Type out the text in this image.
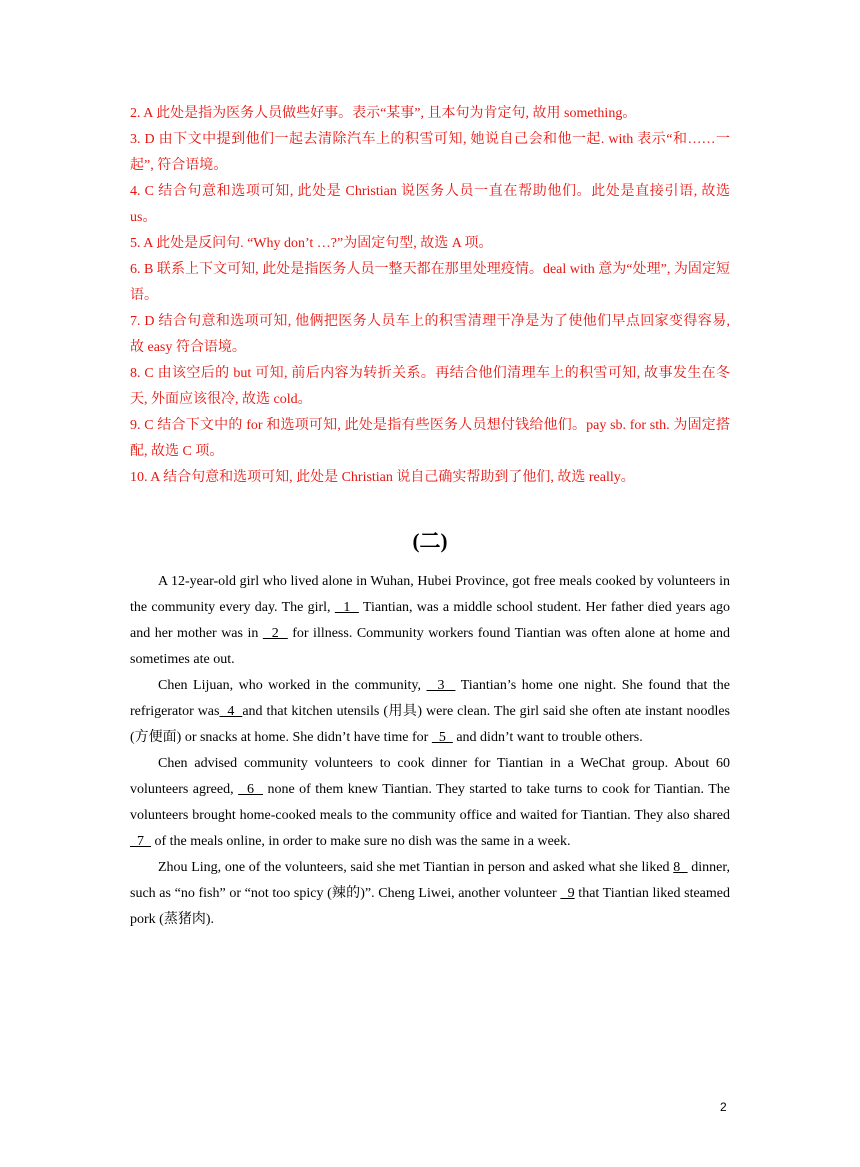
2. A 此处是指为医务人员做些好事。表示“某事”, 且本句为肯定句, 故用 something。

3. D 由下文中提到他们一起去清除汽车上的积雪可知, 她说自己会和他一起. with 表示“和……一起”, 符合语境。

4. C 结合句意和选项可知, 此处是 Christian 说医务人员一直在帮助他们。此处是直接引语, 故选 us。

5. A 此处是反问句. “Why don’t …?”为固定句型, 故选 A 项。

6. B 联系上下文可知, 此处是指医务人员一整天都在那里处理疫情。deal with 意为“处理”, 为固定短语。

7. D 结合句意和选项可知, 他俩把医务人员车上的积雪清理干净是为了使他们早点回家变得容易, 故 easy 符合语境。

8. C 由该空后的 but 可知, 前后内容为转折关系。再结合他们清理车上的积雪可知, 故事发生在冬天, 外面应该很冷, 故选 cold。

9. C 结合下文中的 for 和选项可知, 此处是指有些医务人员想付钱给他们。pay sb. for sth. 为固定搭配, 故选 C 项。

10. A 结合句意和选项可知, 此处是 Christian 说自己确实帮助到了他们, 故选 really。

(二)

A 12-year-old girl who lived alone in Wuhan, Hubei Province, got free meals cooked by volunteers in the community every day. The girl,   1   Tiantian, was a middle school student. Her father died years ago and her mother was in   2   for illness. Community workers found Tiantian was often alone at home and sometimes ate out.

Chen Lijuan, who worked in the community,   3   Tiantian’s home one night. She found that the refrigerator was  4  and that kitchen utensils (用具) were clean. The girl said she often ate instant noodles (方便面) or snacks at home. She didn’t have time for   5   and didn’t want to trouble others.

Chen advised community volunteers to cook dinner for Tiantian in a WeChat group. About 60 volunteers agreed,   6   none of them knew Tiantian. They started to take turns to cook for Tiantian. The volunteers brought home-cooked meals to the community office and waited for Tiantian. They also shared   7   of the meals online, in order to make sure no dish was the same in a week.

Zhou Ling, one of the volunteers, said she met Tiantian in person and asked what she liked 8   dinner, such as “no fish” or “not too spicy (辣的)”. Cheng Liwei, another volunteer   9 that Tiantian liked steamed pork (蒸猪肉).

2
